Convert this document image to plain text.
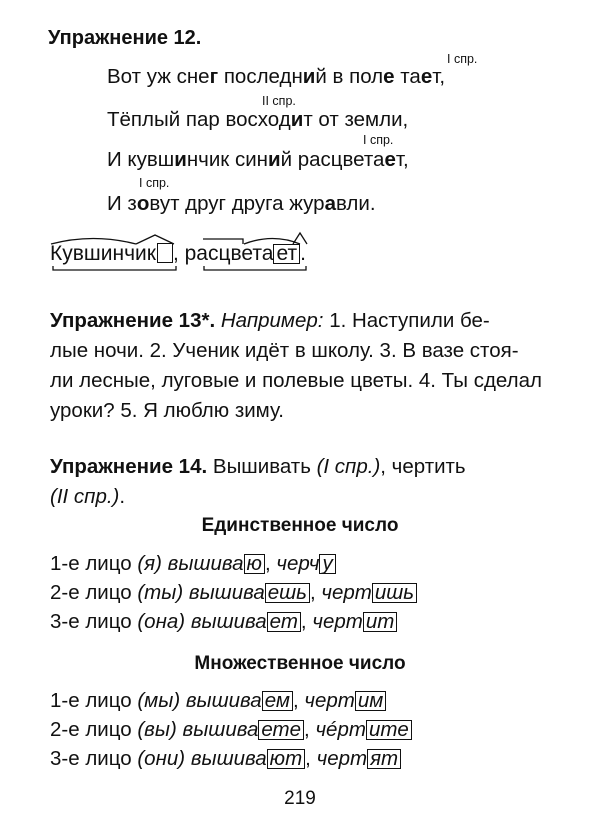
Упражнение 12.
I спр.
Вот уж снег последний в поле тает,
II спр.
Тёплый пар восходит от земли,
I спр.
И кувшинчик синий расцветает,
I спр.
И зовут друг друга журавли.
Кувшинчик , расцвета ет .
Упражнение 13*. Например: 1. Наступили бе-
лые ночи. 2. Ученик идёт в школу. 3. В вазе стоя-
ли лесные, луговые и полевые цветы. 4. Ты сделал
уроки? 5. Я люблю зиму.
Упражнение 14. Вышивать (I спр.), чертить
(II спр.).
Единственное число
Множественное число
219
1-е лицо (я) вышива ю , черч у
2-е лицо (ты) вышива ешь , черт ишь
3-е лицо (она) вышива ет , черт ит
1-е лицо (мы) вышива ем , черт им
2-е лицо (вы) вышива ете , чéрт ите
3-е лицо (они) вышива ют , черт ят
